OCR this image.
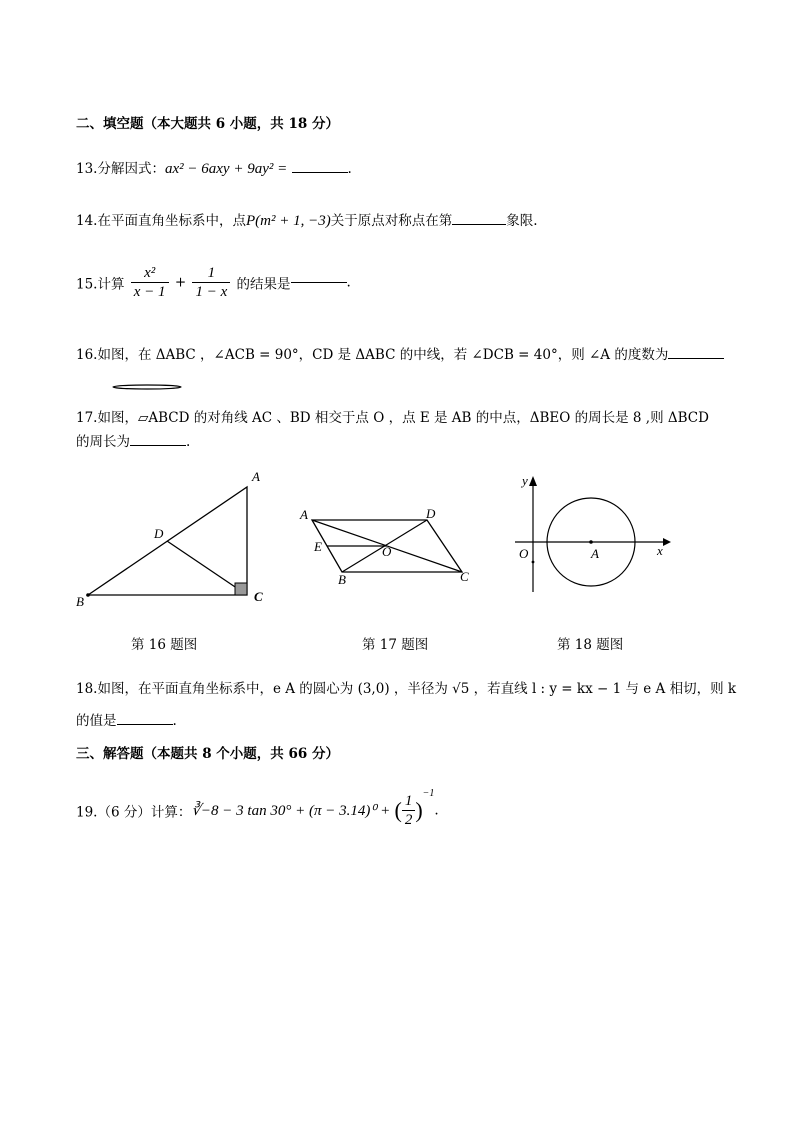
二、填空题（本大题共 6 小题，共 18 分）
13.分解因式：ax² − 6axy + 9ay² =	.
14.在平面直角坐标系中，点P(m² + 1, −3)关于原点对称点在第	象限.
15.计算 $\frac{\text{x²}}{x - 1} + \frac{1}{1 - x}$ 的结果是	.
16.如图，在 ΔABC ，∠ACB = 90°，CD 是 ΔABC 的中线，若 ∠DCB = 40°，则 ∠A 的度数为
17.如图，▱ABCD 的对角线 AC 、BD 相交于点 O ，点 E 是 AB 的中点，ΔBEO 的周长是 8 ,则 ΔBCD
的周长为	.
A
B	C
D
A	D
E	O
B	C
y
x
O	A
第 16 题图	第 17 题图	第 18 题图
18.如图，在平面直角坐标系中，e A 的圆心为 (3,0) ，半径为 √5 ，若直线 l : y = kx − 1 与 e A 相切，则 k
的值是	.
三、解答题（本题共 8 个小题，共 66 分）
19.（6 分）计算：∛−8 − 3 tan 30° + (π − 3.14)⁰ + ( $\frac{1}{2} )^{-1}$.
